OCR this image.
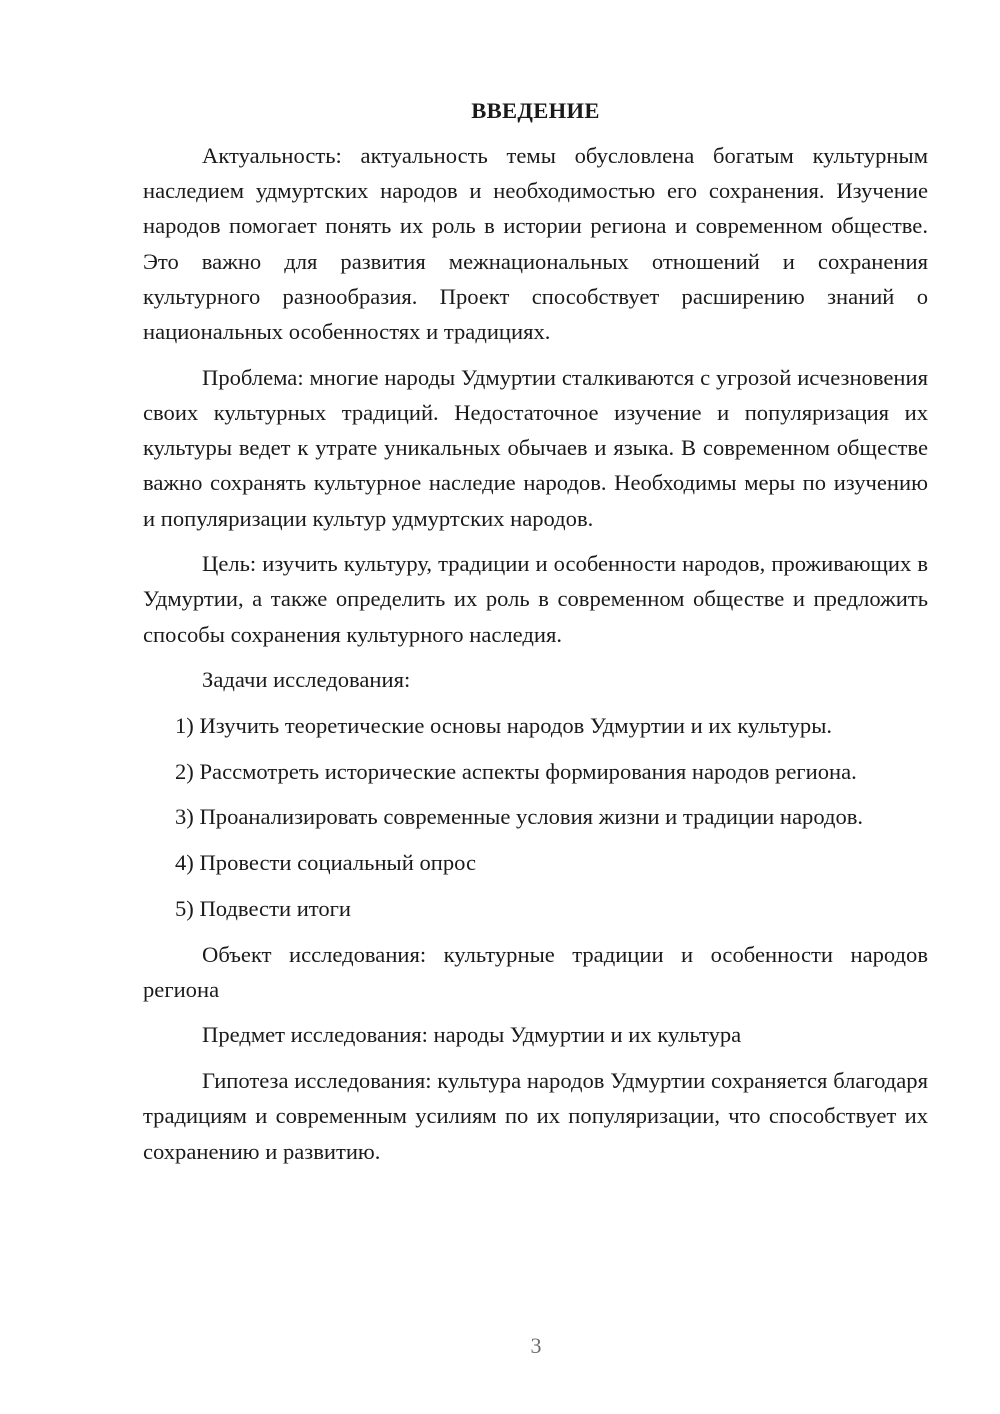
ВВЕДЕНИЕ

Актуальность: актуальность темы обусловлена богатым культурным наследием удмуртских народов и необходимостью его сохранения. Изучение народов помогает понять их роль в истории региона и современном обществе. Это важно для развития межнациональных отношений и сохранения культурного разнообразия. Проект способствует расширению знаний о национальных особенностях и традициях.

Проблема: многие народы Удмуртии сталкиваются с угрозой исчезновения своих культурных традиций. Недостаточное изучение и популяризация их культуры ведет к утрате уникальных обычаев и языка. В современном обществе важно сохранять культурное наследие народов. Необходимы меры по изучению и популяризации культур удмуртских народов.

Цель: изучить культуру, традиции и особенности народов, проживающих в Удмуртии, а также определить их роль в современном обществе и предложить способы сохранения культурного наследия.

Задачи исследования:

1) Изучить теоретические основы народов Удмуртии и их культуры.

2) Рассмотреть исторические аспекты формирования народов региона.

3) Проанализировать современные условия жизни и традиции народов.

4) Провести социальный опрос

5) Подвести итоги

Объект исследования: культурные традиции и особенности народов региона

Предмет исследования: народы Удмуртии и их культура

Гипотеза исследования: культура народов Удмуртии сохраняется благодаря традициям и современным усилиям по их популяризации, что способствует их сохранению и развитию.

3
